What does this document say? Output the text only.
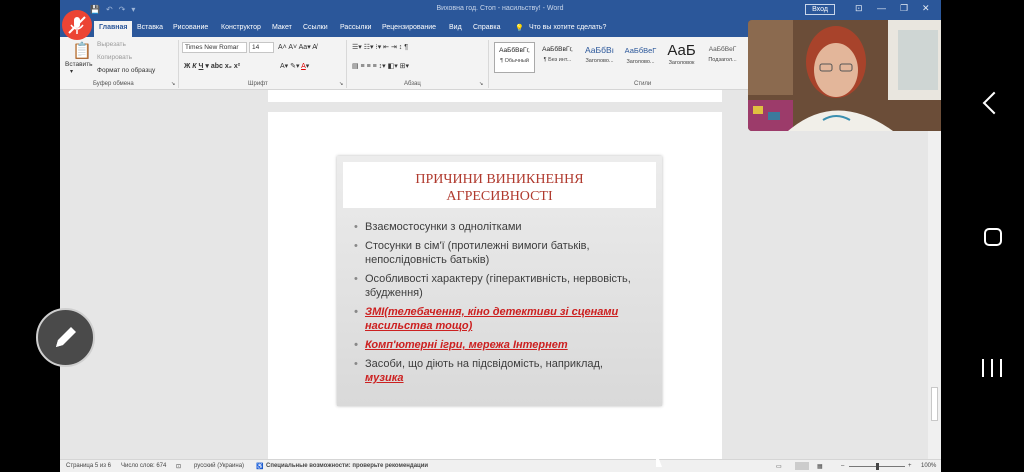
💾↶↷▾	Виховна год. Стоп - насильству! - Word	Вход	⊡ — ❐ ✕
Главная	Вставка Рисование Конструктор Макет Ссылки Рассылки Рецензирование Вид Справка 💡 Что вы хотите сделать?
📋
Вставить
▾
Вырезать
Копировать
Формат по образцу
Буфер обмена	↘
Times New Romar	14	A˄ A˅ Aa▾ A̸
Ж К Ч ▾ abc x₂ x²	A▾ ✎▾ A▾
Шрифт	↘
☰▾ ☷▾ ⁝▾ ⇤ ⇥ ↕ ¶
▤ ≡ ≡ ≡ ↕▾ ◧▾ ⊞▾
Абзац	↘
АаБбВвГг,
¶ Обычный
АаБбВвГг,
¶ Без инт...
АаБбВı
Заголово...
АаБбВеГ
Заголово...
АаБ
Заголовок
АаБбВеГ
Подзагол...
Стили
ПРИЧИНИ ВИНИКНЕННЯ
АГРЕСИВНОСТІ
• Взаємостосунки з однолітками
• Стосунки в сім'ї (протилежні вимоги батьків, непослідовність батьків)
• Особливості характеру (гіперактивність, нервовість, збудження)
• ЗМІ(телебачення, кіно детективи зі сценами насильства тощо)
• Комп'ютерні ігри, мережа Інтернет
• Засоби, що діють на підсвідомість, наприклад,
музика
Страница 5 из 6 Число слов: 674 ⊡ русский (Украина) ♿ Специальные возможности: проверьте рекомендации	▭	▦	–	+ 100%
